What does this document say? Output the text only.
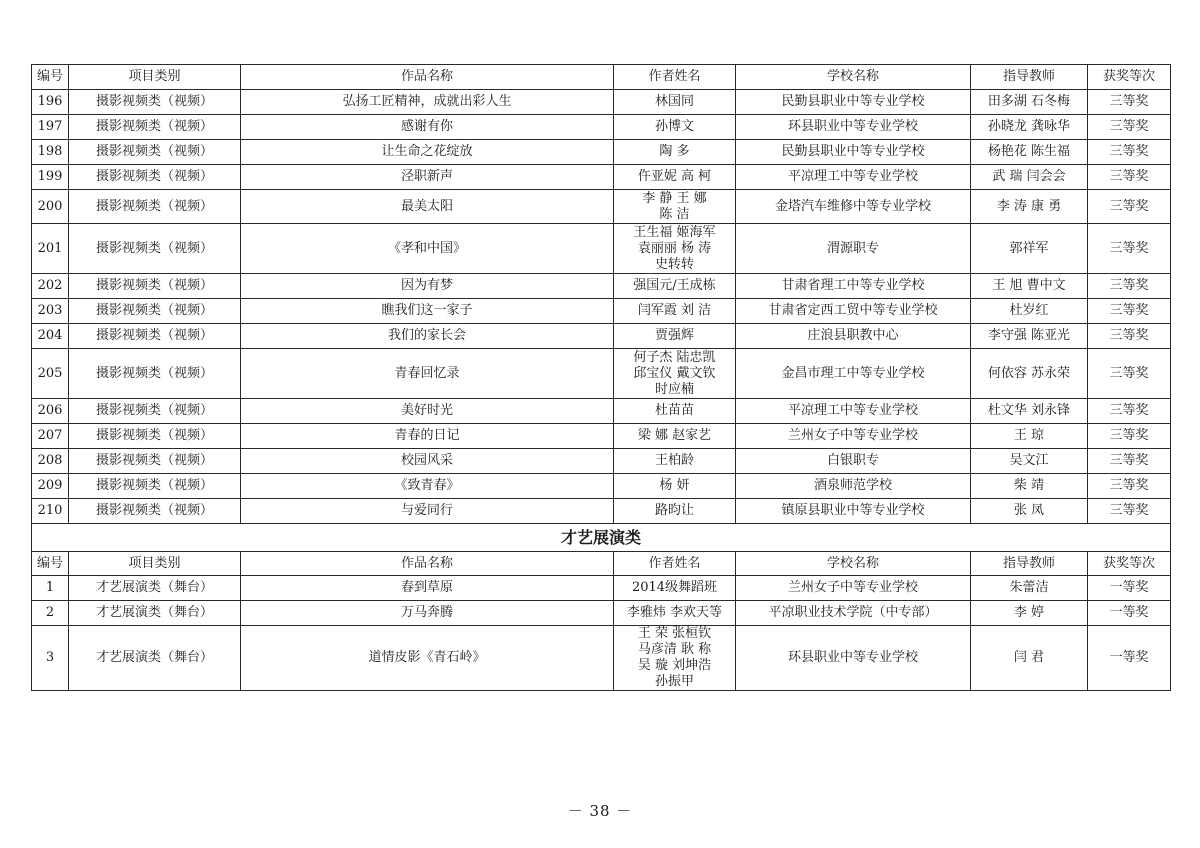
编号	项目类别	作品名称	作者姓名	学校名称	指导教师	获奖等次
196	摄影视频类（视频）	弘扬工匠精神，成就出彩人生	林国同	民勤县职业中等专业学校	田多湖 石冬梅	三等奖
197	摄影视频类（视频）	感谢有你	孙博文	环县职业中等专业学校	孙晓龙 龚咏华	三等奖
198	摄影视频类（视频）	让生命之花绽放	陶 多	民勤县职业中等专业学校	杨艳花 陈生福	三等奖
199	摄影视频类（视频）	泾职新声	仵亚妮 高 柯	平凉理工中等专业学校	武 瑞 闫会会	三等奖
200	摄影视频类（视频）	最美太阳	李 静 王 娜
陈 洁	金塔汽车维修中等专业学校	李 涛 康 勇	三等奖
201	摄影视频类（视频）	《孝和中国》	王生福 姬海军
袁丽丽 杨 涛
史转转	渭源职专	郭祥军	三等奖
202	摄影视频类（视频）	因为有梦	强国元/王成栋	甘肃省理工中等专业学校	王 旭 曹中文	三等奖
203	摄影视频类（视频）	瞧我们这一家子	闫军霞 刘 洁	甘肃省定西工贸中等专业学校	杜岁红	三等奖
204	摄影视频类（视频）	我们的家长会	贾强辉	庄浪县职教中心	李守强 陈亚光	三等奖
205	摄影视频类（视频）	青春回忆录	何子杰 陆忠凯
邱宝仪 戴文钦
时应楠	金昌市理工中等专业学校	何依容 苏永荣	三等奖
206	摄影视频类（视频）	美好时光	杜苗苗	平凉理工中等专业学校	杜文华 刘永锋	三等奖
207	摄影视频类（视频）	青春的日记	梁 娜 赵家艺	兰州女子中等专业学校	王 琼	三等奖
208	摄影视频类（视频）	校园风采	王柏龄	白银职专	吴文江	三等奖
209	摄影视频类（视频）	《致青春》	杨 妍	酒泉师范学校	柴 靖	三等奖
210	摄影视频类（视频）	与爱同行	路昀让	镇原县职业中等专业学校	张 凤	三等奖
才艺展演类						
编号	项目类别	作品名称	作者姓名	学校名称	指导教师	获奖等次
1	才艺展演类（舞台）	春到草原	2014级舞蹈班	兰州女子中等专业学校	朱蕾洁	一等奖
2	才艺展演类（舞台）	万马奔腾	李雅炜 李欢天等	平凉职业技术学院（中专部）	李 婷	一等奖
3	才艺展演类（舞台）	道情皮影《青石岭》	王 荣 张桓钦
马彦清 耿 称
吴 璇 刘坤浩
孙振甲	环县职业中等专业学校	闫 君	一等奖
－ 38 －
